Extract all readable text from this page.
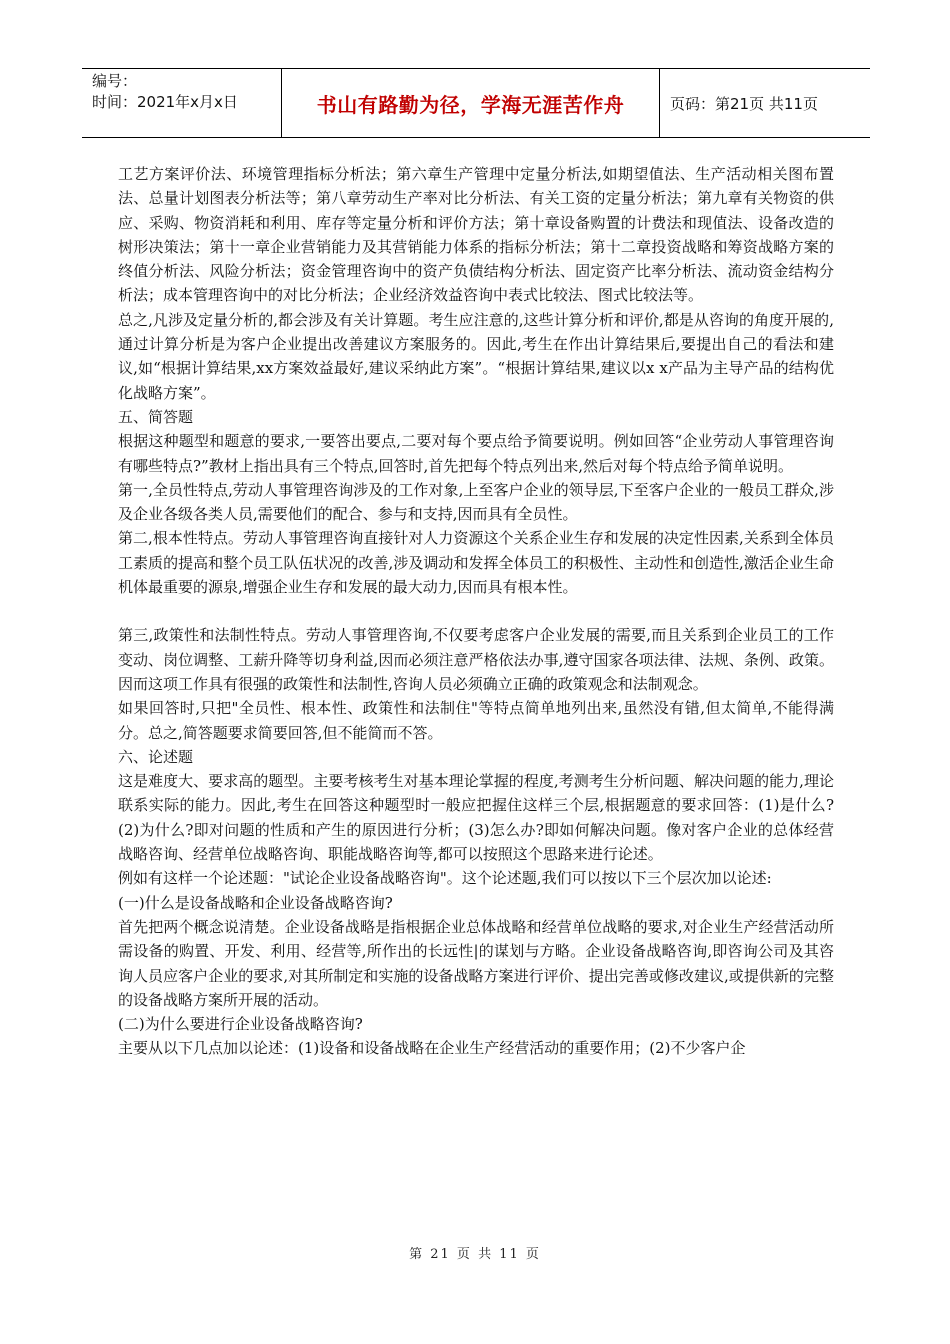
编号：
时间：2021年x月x日	书山有路勤为径，学海无涯苦作舟	页码：第21页 共11页

工艺方案评价法、环境管理指标分析法；第六章生产管理中定量分析法,如期望值法、生产活动相关图布置法、总量计划图表分析法等；第八章劳动生产率对比分析法、有关工资的定量分析法；第九章有关物资的供应、采购、物资消耗和利用、库存等定量分析和评价方法；第十章设备购置的计费法和现值法、设备改造的树形决策法；第十一章企业营销能力及其营销能力体系的指标分析法；第十二章投资战略和筹资战略方案的终值分析法、风险分析法；资金管理咨询中的资产负债结构分析法、固定资产比率分析法、流动资金结构分析法；成本管理咨询中的对比分析法；企业经济效益咨询中表式比较法、图式比较法等。

总之,凡涉及定量分析的,都会涉及有关计算题。考生应注意的,这些计算分析和评价,都是从咨询的角度开展的,通过计算分析是为客户企业提出改善建议方案服务的。因此,考生在作出计算结果后,要提出自己的看法和建议,如“根据计算结果,xx方案效益最好,建议采纳此方案”。“根据计算结果,建议以x x产品为主导产品的结构优化战略方案”。

五、简答题

根据这种题型和题意的要求,一要答出要点,二要对每个要点给予简要说明。例如回答“企业劳动人事管理咨询有哪些特点?”教材上指出具有三个特点,回答时,首先把每个特点列出来,然后对每个特点给予简单说明。

第一,全员性特点,劳动人事管理咨询涉及的工作对象,上至客户企业的领导层,下至客户企业的一般员工群众,涉及企业各级各类人员,需要他们的配合、参与和支持,因而具有全员性。

第二,根本性特点。劳动人事管理咨询直接针对人力资源这个关系企业生存和发展的决定性因素,关系到全体员工素质的提高和整个员工队伍状况的改善,涉及调动和发挥全体员工的积极性、主动性和创造性,激活企业生命机体最重要的源泉,增强企业生存和发展的最大动力,因而具有根本性。

第三,政策性和法制性特点。劳动人事管理咨询,不仅要考虑客户企业发展的需要,而且关系到企业员工的工作变动、岗位调整、工薪升降等切身利益,因而必须注意严格依法办事,遵守国家各项法律、法规、条例、政策。因而这项工作具有很强的政策性和法制性,咨询人员必须确立正确的政策观念和法制观念。

如果回答时,只把"全员性、根本性、政策性和法制住"等特点简单地列出来,虽然没有错,但太简单,不能得满分。总之,简答题要求简要回答,但不能简而不答。

六、论述题

这是难度大、要求高的题型。主要考核考生对基本理论掌握的程度,考测考生分析问题、解决问题的能力,理论联系实际的能力。因此,考生在回答这种题型时一般应把握住这样三个层,根据题意的要求回答：(1)是什么?(2)为什么?即对问题的性质和产生的原因进行分析；(3)怎么办?即如何解决问题。像对客户企业的总体经营战略咨询、经营单位战略咨询、职能战略咨询等,都可以按照这个思路来进行论述。

例如有这样一个论述题："试论企业设备战略咨询"。这个论述题,我们可以按以下三个层次加以论述:

(一)什么是设备战略和企业设备战略咨询?

首先把两个概念说清楚。企业设备战略是指根据企业总体战略和经营单位战略的要求,对企业生产经营活动所需设备的购置、开发、利用、经营等,所作出的长远性|的谋划与方略。企业设备战略咨询,即咨询公司及其咨询人员应客户企业的要求,对其所制定和实施的设备战略方案进行评价、提出完善或修改建议,或提供新的完整的设备战略方案所开展的活动。

(二)为什么要进行企业设备战略咨询?

主要从以下几点加以论述：(1)设备和设备战略在企业生产经营活动的重要作用；(2)不少客户企

第 21 页 共 11 页
